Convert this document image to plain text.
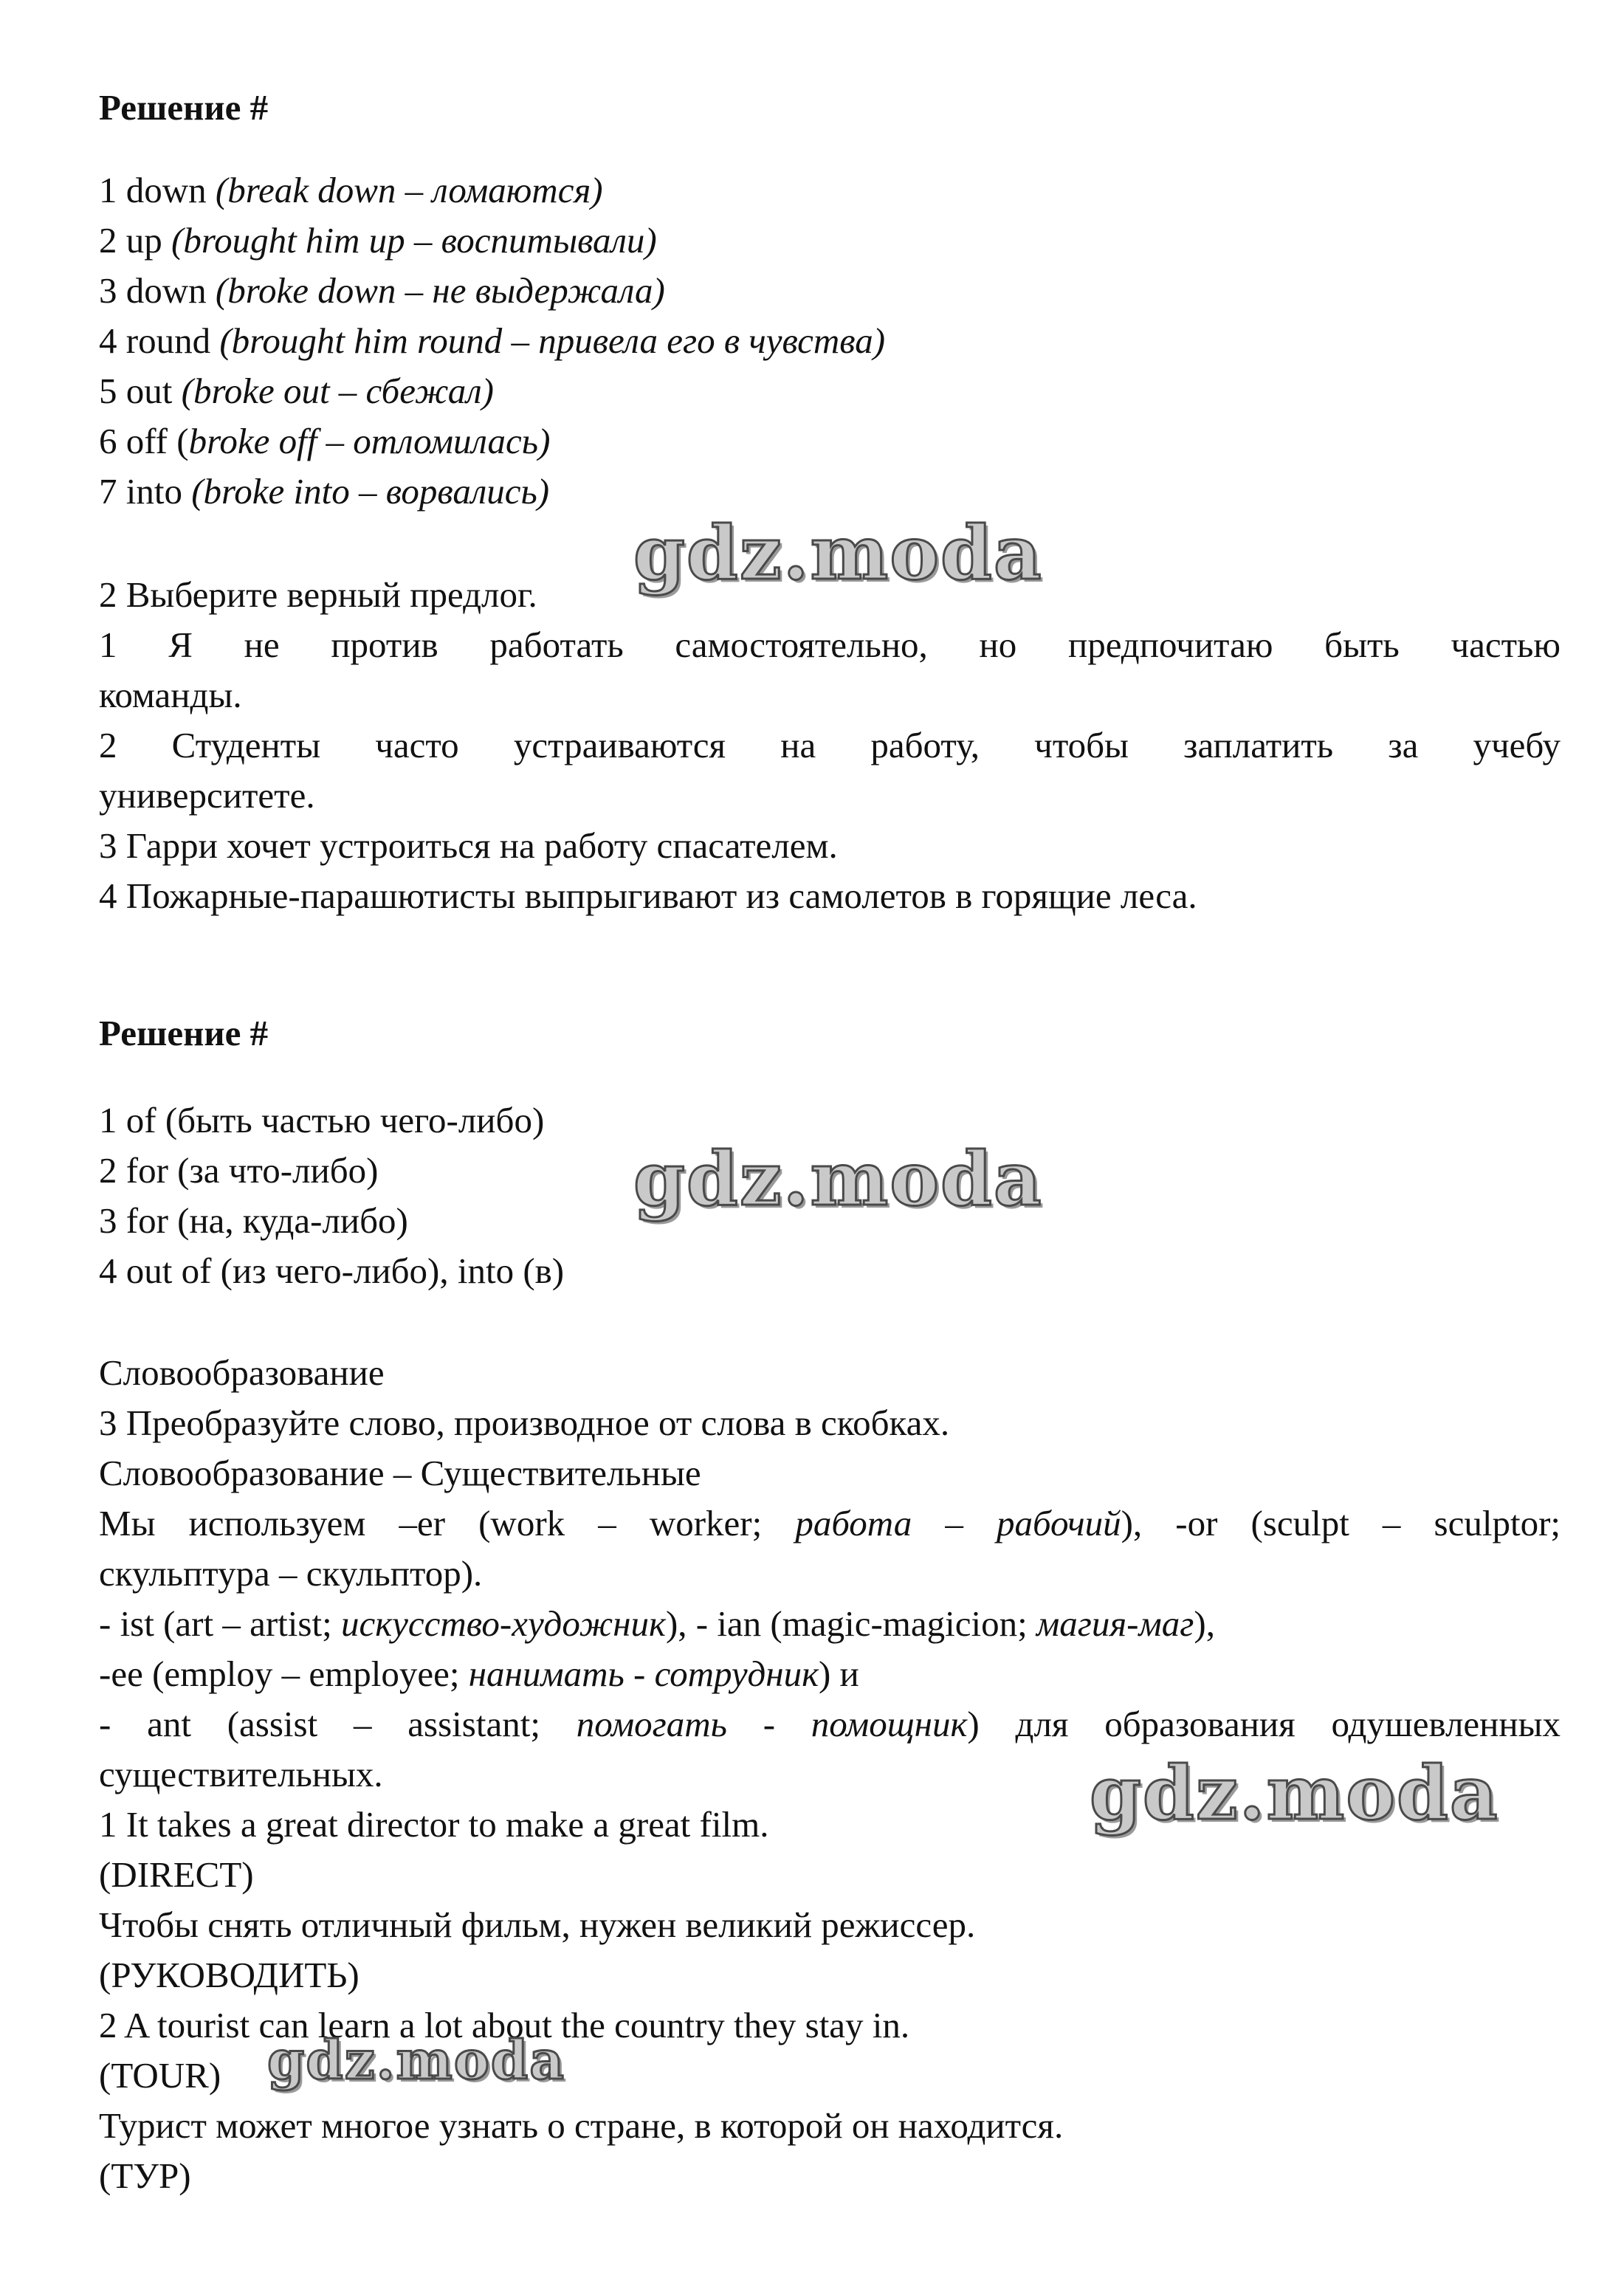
Решение #
1 down (break down – ломаются)
2 up (brought him up – воспитывали)
3 down (broke down – не выдержала)
4 round (brought him round – привела его в чувства)
5 out (broke out – сбежал)
6 off (broke off – отломилась)
7 into (broke into – ворвались)
2 Выберите верный предлог.
1 Я не против работать самостоятельно, но предпочитаю быть частью
команды.
2 Студенты часто устраиваются на работу, чтобы заплатить за учебу
университете.
3 Гарри хочет устроиться на работу спасателем.
4 Пожарные-парашютисты выпрыгивают из самолетов в горящие леса.
Решение #
1 of (быть частью чего-либо)
2 for (за что-либо)
3 for (на, куда-либо)
4 out of (из чего-либо), into (в)
Словообразование
3 Преобразуйте слово, производное от слова в скобках.
Словообразование – Существительные
Мы используем –er (work – worker; работа – рабочий), -or (sculpt – sculptor;
скульптура – скульптор).
- ist (art – artist; искусство-художник), - ian (magic-magicion; магия-маг),
-ee (employ – employee; нанимать - сотрудник) и
- ant (assist – assistant; помогать - помощник) для образования одушевленных
существительных.
1 It takes a great director to make a great film.
(DIRECT)
Чтобы снять отличный фильм, нужен великий режиссер.
(РУКОВОДИТЬ)
2 A tourist can learn a lot about the country they stay in.
(TOUR)
Турист может многое узнать о стране, в которой он находится.
(ТУР)
gdz.moda
gdz.moda
gdz.moda
gdz.moda
